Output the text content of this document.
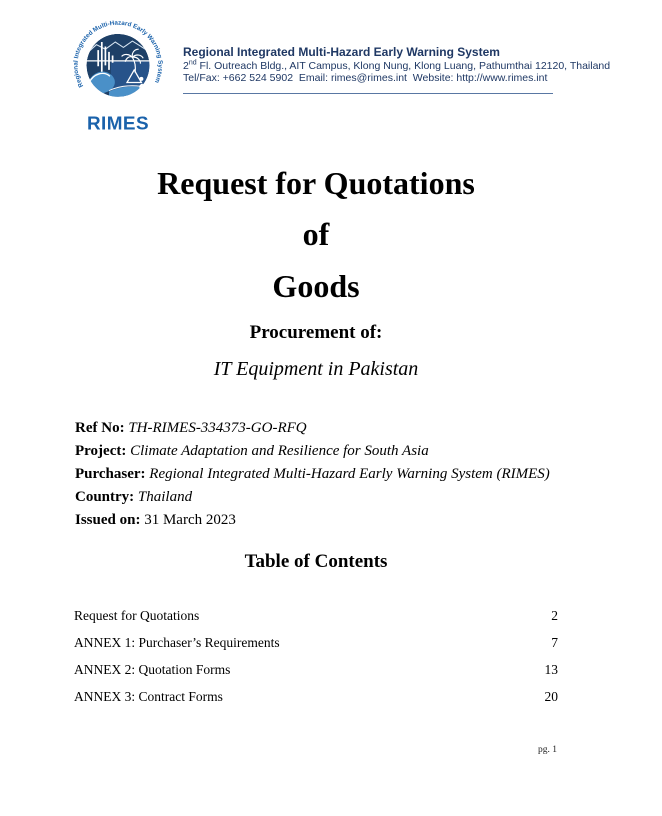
Regional Integrated Multi-Hazard Early Warning System
RIMES
Regional Integrated Multi-Hazard Early Warning System
2nd Fl. Outreach Bldg., AIT Campus, Klong Nung, Klong Luang, Pathumthai 12120, Thailand
Tel/Fax: +662 524 5902  Email: rimes@rimes.int  Website: http://www.rimes.int
Request for Quotations
of
Goods
Procurement of:
IT Equipment in Pakistan
Ref No: TH-RIMES-334373-GO-RFQ
Project: Climate Adaptation and Resilience for South Asia
Purchaser: Regional Integrated Multi-Hazard Early Warning System (RIMES)
Country: Thailand
Issued on: 31 March 2023
Table of Contents
Request for Quotations	2
ANNEX 1: Purchaser’s Requirements	7
ANNEX 2: Quotation Forms	13
ANNEX 3: Contract Forms	20
pg. 1
